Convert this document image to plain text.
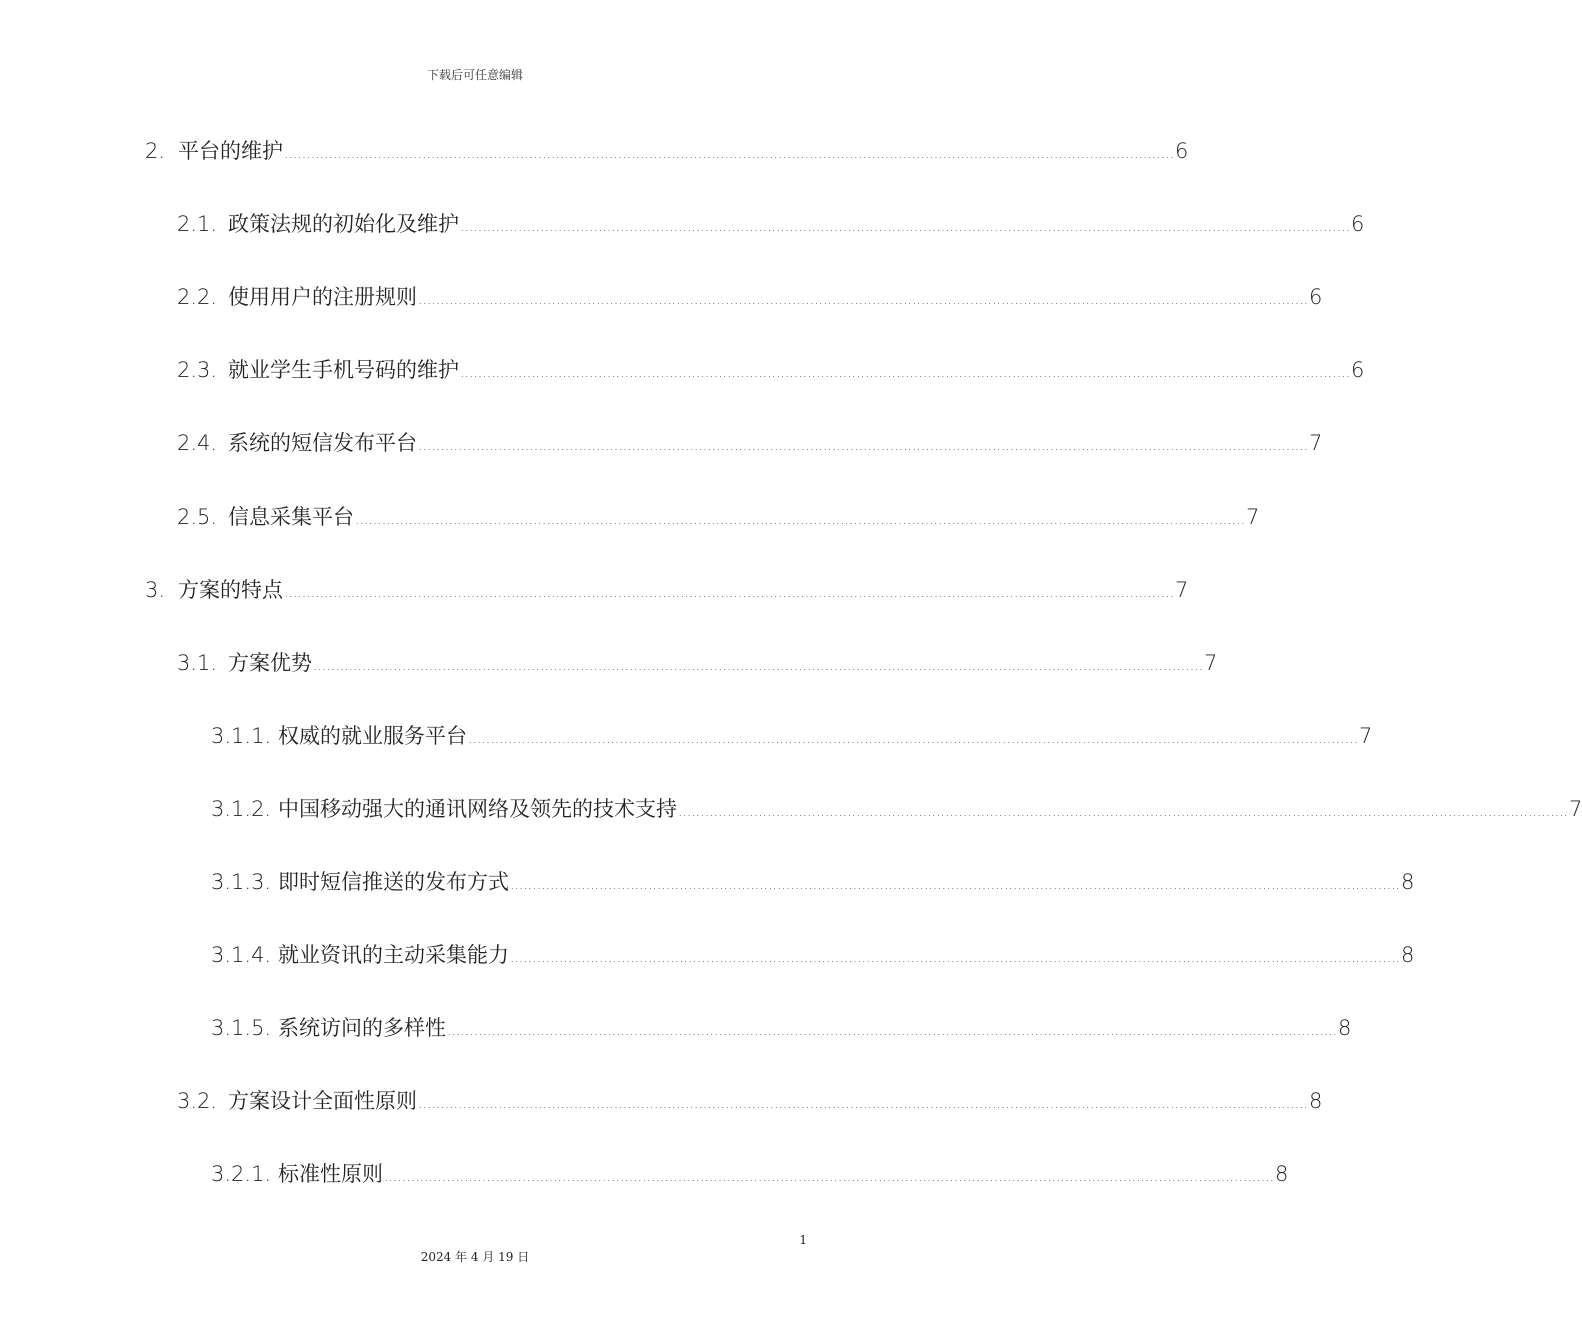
下载后可任意编辑
2. 平台的维护 ........................................................................................................................................................................................................ 6
2.1. 政策法规的初始化及维护 ........................................................................................................................................................................................................ 6
2.2. 使用用户的注册规则 ........................................................................................................................................................................................................ 6
2.3. 就业学生手机号码的维护 ........................................................................................................................................................................................................ 6
2.4. 系统的短信发布平台 ........................................................................................................................................................................................................ 7
2.5. 信息采集平台 ........................................................................................................................................................................................................ 7
3. 方案的特点 ........................................................................................................................................................................................................ 7
3.1. 方案优势 ........................................................................................................................................................................................................ 7
3.1.1. 权威的就业服务平台 ........................................................................................................................................................................................................ 7
3.1.2. 中国移动强大的通讯网络及领先的技术支持 ........................................................................................................................................................................................................ 7
3.1.3. 即时短信推送的发布方式 ........................................................................................................................................................................................................ 8
3.1.4. 就业资讯的主动采集能力 ........................................................................................................................................................................................................ 8
3.1.5. 系统访问的多样性 ........................................................................................................................................................................................................ 8
3.2. 方案设计全面性原则 ........................................................................................................................................................................................................ 8
3.2.1. 标准性原则 ........................................................................................................................................................................................................ 8
1
2024 年 4 月 19 日
